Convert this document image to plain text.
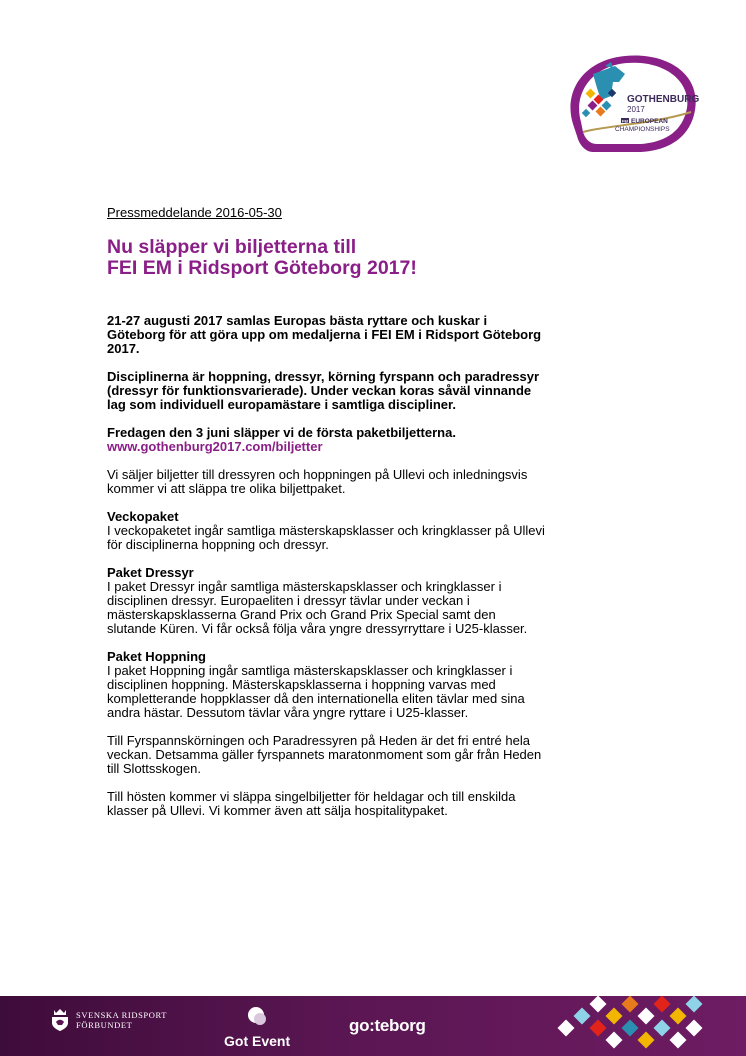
GOTHENBURG
2017
FEI EUROPEAN
CHAMPIONSHIPS
SWEDEN
Pressmeddelande 2016-05-30
Nu släpper vi biljetterna till
FEI EM i Ridsport Göteborg 2017!

21-27 augusti 2017 samlas Europas bästa ryttare och kuskar i Göteborg för att göra upp om medaljerna i FEI EM i Ridsport Göteborg 2017.

Disciplinerna är hoppning, dressyr, körning fyrspann och paradressyr (dressyr för funktionsvarierade). Under veckan koras såväl vinnande lag som individuell europamästare i samtliga discipliner.

Fredagen den 3 juni släpper vi de första paketbiljetterna.
www.gothenburg2017.com/biljetter

Vi säljer biljetter till dressyren och hoppningen på Ullevi och inledningsvis kommer vi att släppa tre olika biljettpaket.

Veckopaket
I veckopaketet ingår samtliga mästerskapsklasser och kringklasser på Ullevi för disciplinerna hoppning och dressyr.

Paket Dressyr
I paket Dressyr ingår samtliga mästerskapsklasser och kringklasser i disciplinen dressyr. Europaeliten i dressyr tävlar under veckan i mästerskapsklasserna Grand Prix och Grand Prix Special samt den slutande Küren. Vi får också följa våra yngre dressyrryttare i U25-klasser.

Paket Hoppning
I paket Hoppning ingår samtliga mästerskapsklasser och kringklasser i disciplinen hoppning. Mästerskapsklasserna i hoppning varvas med kompletterande hoppklasser då den internationella eliten tävlar med sina andra hästar. Dessutom tävlar våra yngre ryttare i U25-klasser.

Till Fyrspannskörningen och Paradressyren på Heden är det fri entré hela veckan. Detsamma gäller fyrspannets maratonmoment som går från Heden till Slottsskogen.

Till hösten kommer vi släppa singelbiljetter för heldagar och till enskilda klasser på Ullevi. Vi kommer även att sälja hospitalitypaket.

SVENSKA RIDSPORT
FÖRBUNDET
Got Event
go:teborg
